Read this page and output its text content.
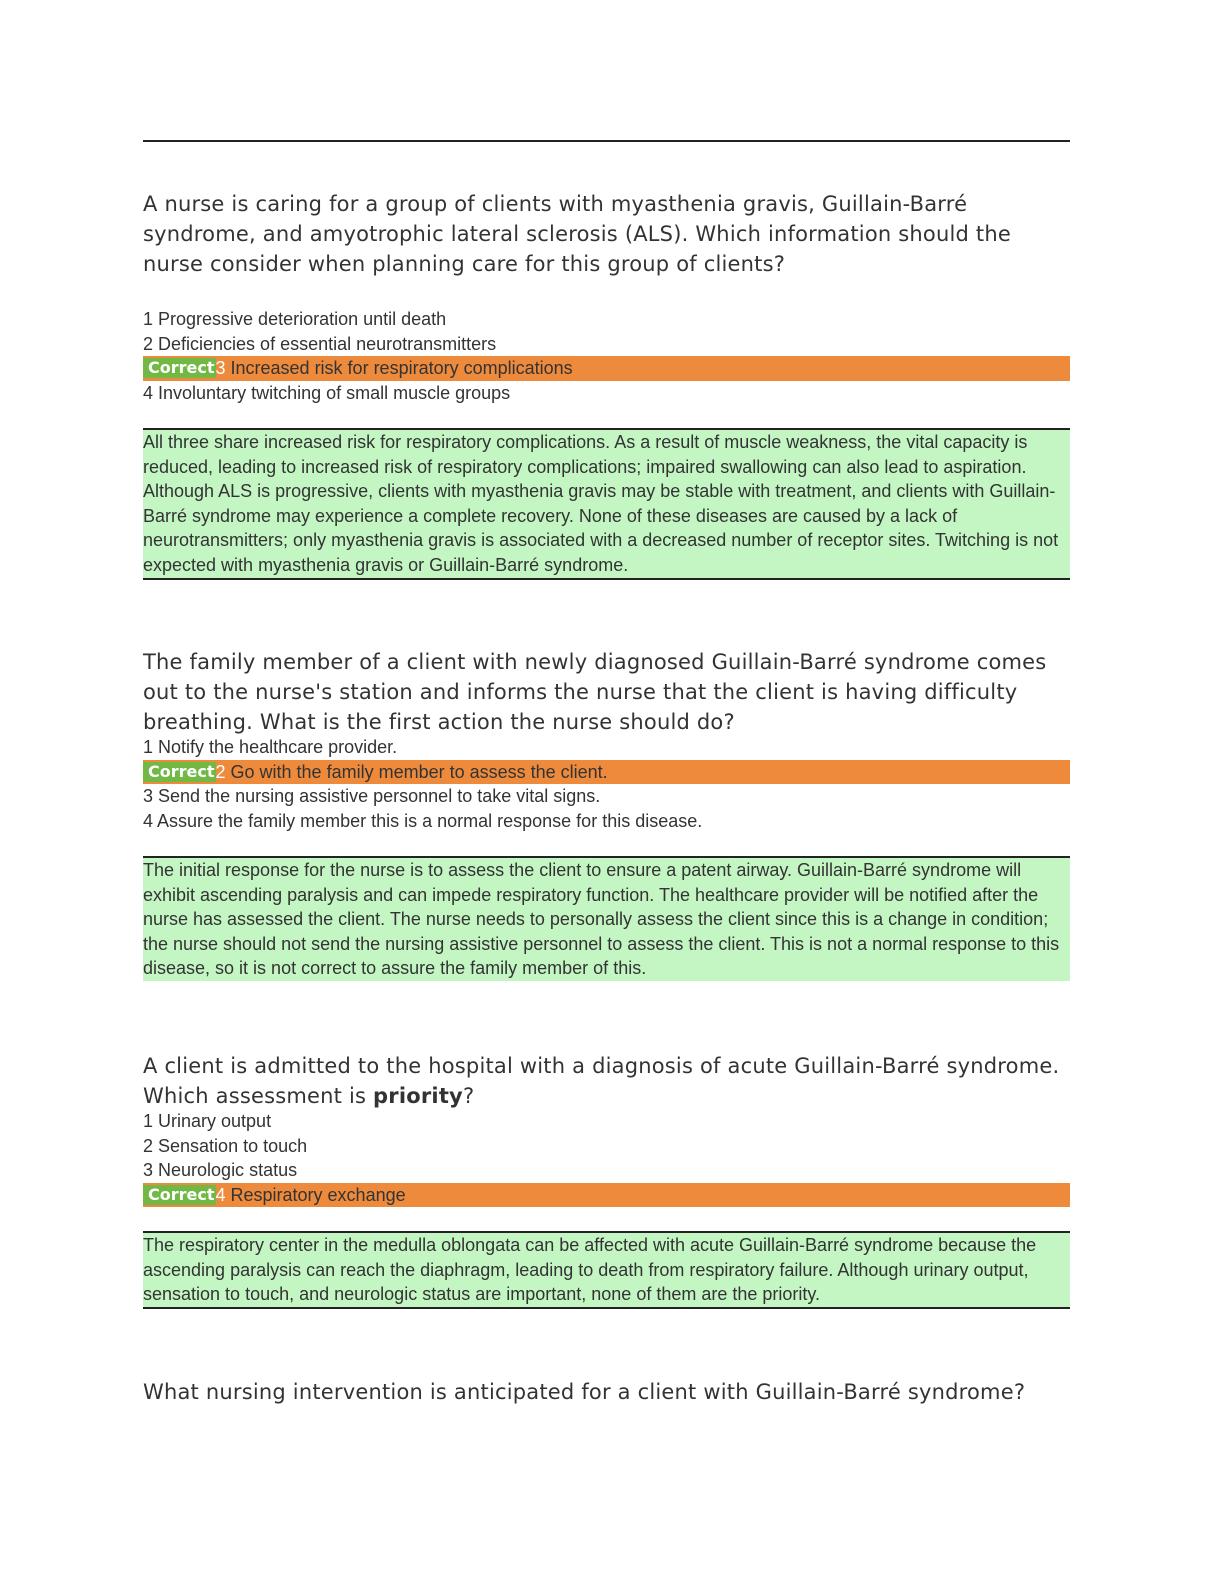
A nurse is caring for a group of clients with myasthenia gravis, Guillain-Barré syndrome, and amyotrophic lateral sclerosis (ALS). Which information should the nurse consider when planning care for this group of clients?
1 Progressive deterioration until death
2 Deficiencies of essential neurotransmitters
Correct3 Increased risk for respiratory complications
4 Involuntary twitching of small muscle groups
All three share increased risk for respiratory complications. As a result of muscle weakness, the vital capacity is reduced, leading to increased risk of respiratory complications; impaired swallowing can also lead to aspiration. Although ALS is progressive, clients with myasthenia gravis may be stable with treatment, and clients with Guillain-Barré syndrome may experience a complete recovery. None of these diseases are caused by a lack of neurotransmitters; only myasthenia gravis is associated with a decreased number of receptor sites. Twitching is not expected with myasthenia gravis or Guillain-Barré syndrome.
The family member of a client with newly diagnosed Guillain-Barré syndrome comes out to the nurse's station and informs the nurse that the client is having difficulty breathing. What is the first action the nurse should do?
1 Notify the healthcare provider.
Correct2 Go with the family member to assess the client.
3 Send the nursing assistive personnel to take vital signs.
4 Assure the family member this is a normal response for this disease.
The initial response for the nurse is to assess the client to ensure a patent airway. Guillain-Barré syndrome will exhibit ascending paralysis and can impede respiratory function. The healthcare provider will be notified after the nurse has assessed the client. The nurse needs to personally assess the client since this is a change in condition; the nurse should not send the nursing assistive personnel to assess the client. This is not a normal response to this disease, so it is not correct to assure the family member of this.
A client is admitted to the hospital with a diagnosis of acute Guillain-Barré syndrome. Which assessment is priority?
1 Urinary output
2 Sensation to touch
3 Neurologic status
Correct4 Respiratory exchange
The respiratory center in the medulla oblongata can be affected with acute Guillain-Barré syndrome because the ascending paralysis can reach the diaphragm, leading to death from respiratory failure. Although urinary output, sensation to touch, and neurologic status are important, none of them are the priority.
What nursing intervention is anticipated for a client with Guillain-Barré syndrome?
